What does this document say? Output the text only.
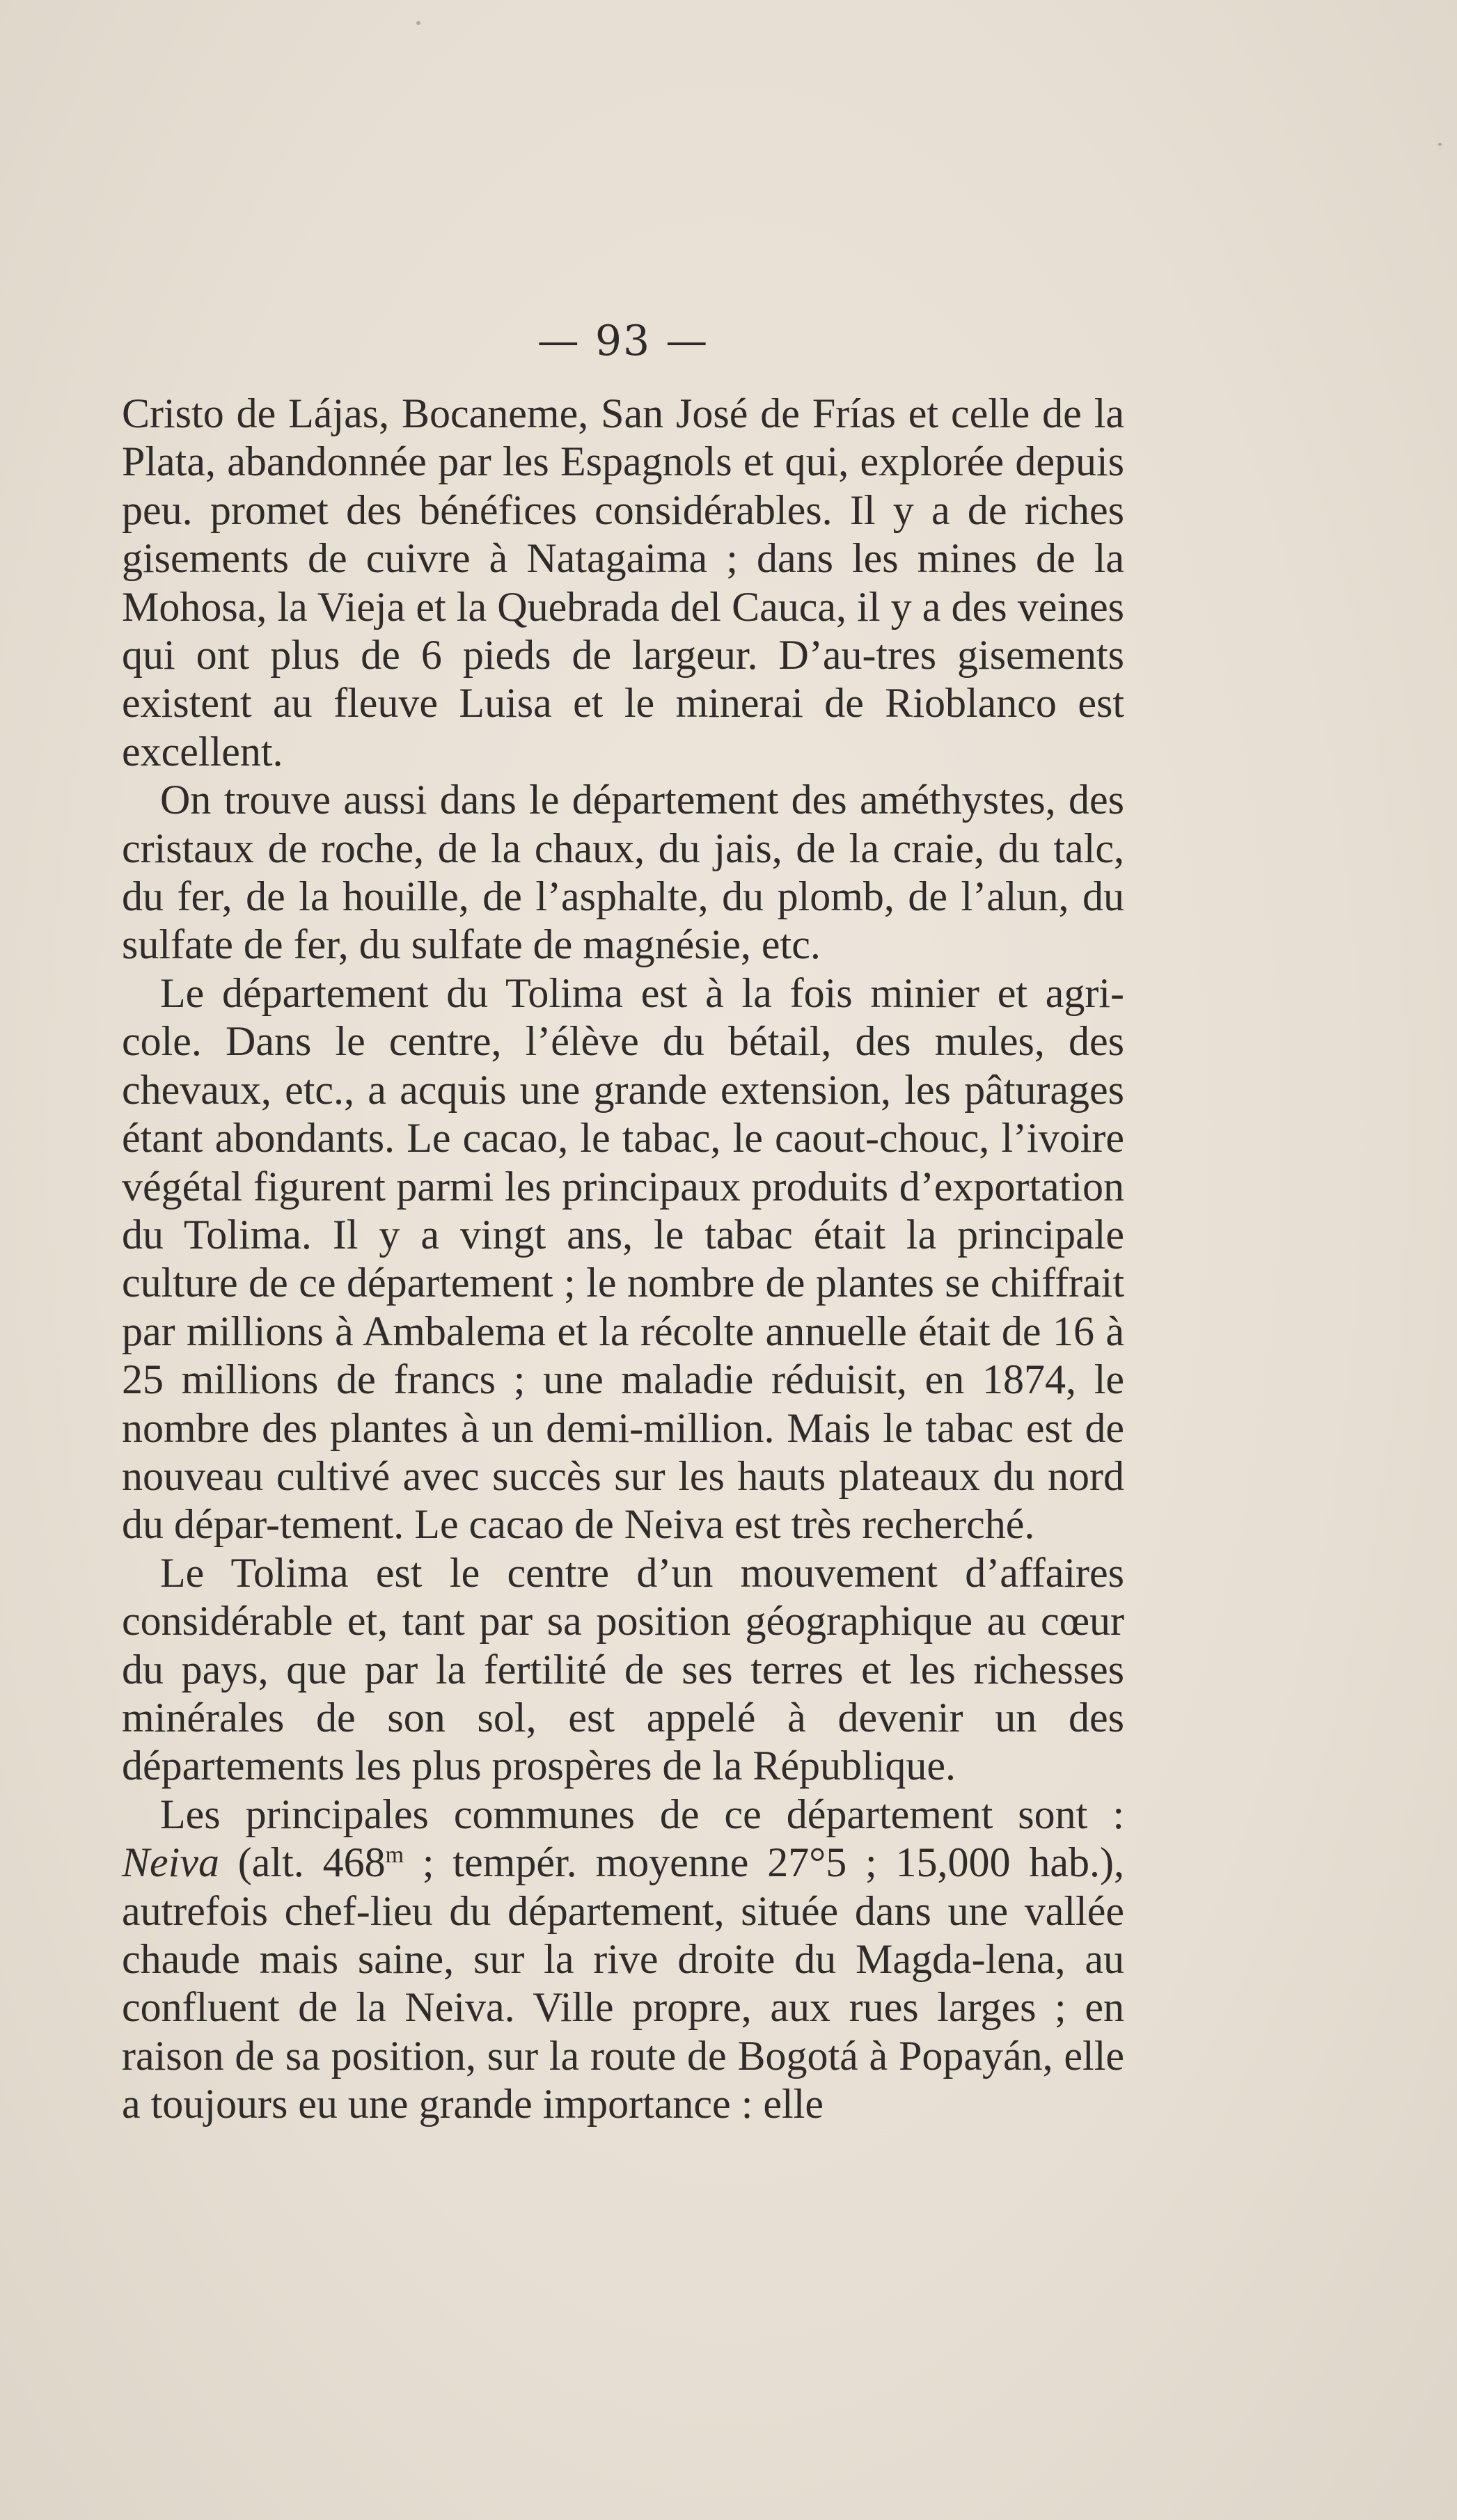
— 93 —

Cristo de Lájas, Bocaneme, San José de Frías et celle de la Plata, abandonnée par les Espagnols et qui, explorée depuis peu. promet des bénéfices considérables. Il y a de riches gisements de cuivre à Natagaima ; dans les mines de la Mohosa, la Vieja et la Quebrada del Cauca, il y a des veines qui ont plus de 6 pieds de largeur. D’au-tres gisements existent au fleuve Luisa et le minerai de Rioblanco est excellent.

On trouve aussi dans le département des améthystes, des cristaux de roche, de la chaux, du jais, de la craie, du talc, du fer, de la houille, de l’asphalte, du plomb, de l’alun, du sulfate de fer, du sulfate de magnésie, etc.

Le département du Tolima est à la fois minier et agri-cole. Dans le centre, l’élève du bétail, des mules, des chevaux, etc., a acquis une grande extension, les pâturages étant abondants. Le cacao, le tabac, le caout-chouc, l’ivoire végétal figurent parmi les principaux produits d’exportation du Tolima. Il y a vingt ans, le tabac était la principale culture de ce département ; le nombre de plantes se chiffrait par millions à Ambalema et la récolte annuelle était de 16 à 25 millions de francs ; une maladie réduisit, en 1874, le nombre des plantes à un demi-million. Mais le tabac est de nouveau cultivé avec succès sur les hauts plateaux du nord du dépar-tement. Le cacao de Neiva est très recherché.

Le Tolima est le centre d’un mouvement d’affaires considérable et, tant par sa position géographique au cœur du pays, que par la fertilité de ses terres et les richesses minérales de son sol, est appelé à devenir un des départements les plus prospères de la République.

Les principales communes de ce département sont : Neiva (alt. 468$^m$ ; tempér. moyenne 27°5 ; 15,000 hab.), autrefois chef-lieu du département, située dans une vallée chaude mais saine, sur la rive droite du Magda-lena, au confluent de la Neiva. Ville propre, aux rues larges ; en raison de sa position, sur la route de Bogotá à Popayán, elle a toujours eu une grande importance : elle
